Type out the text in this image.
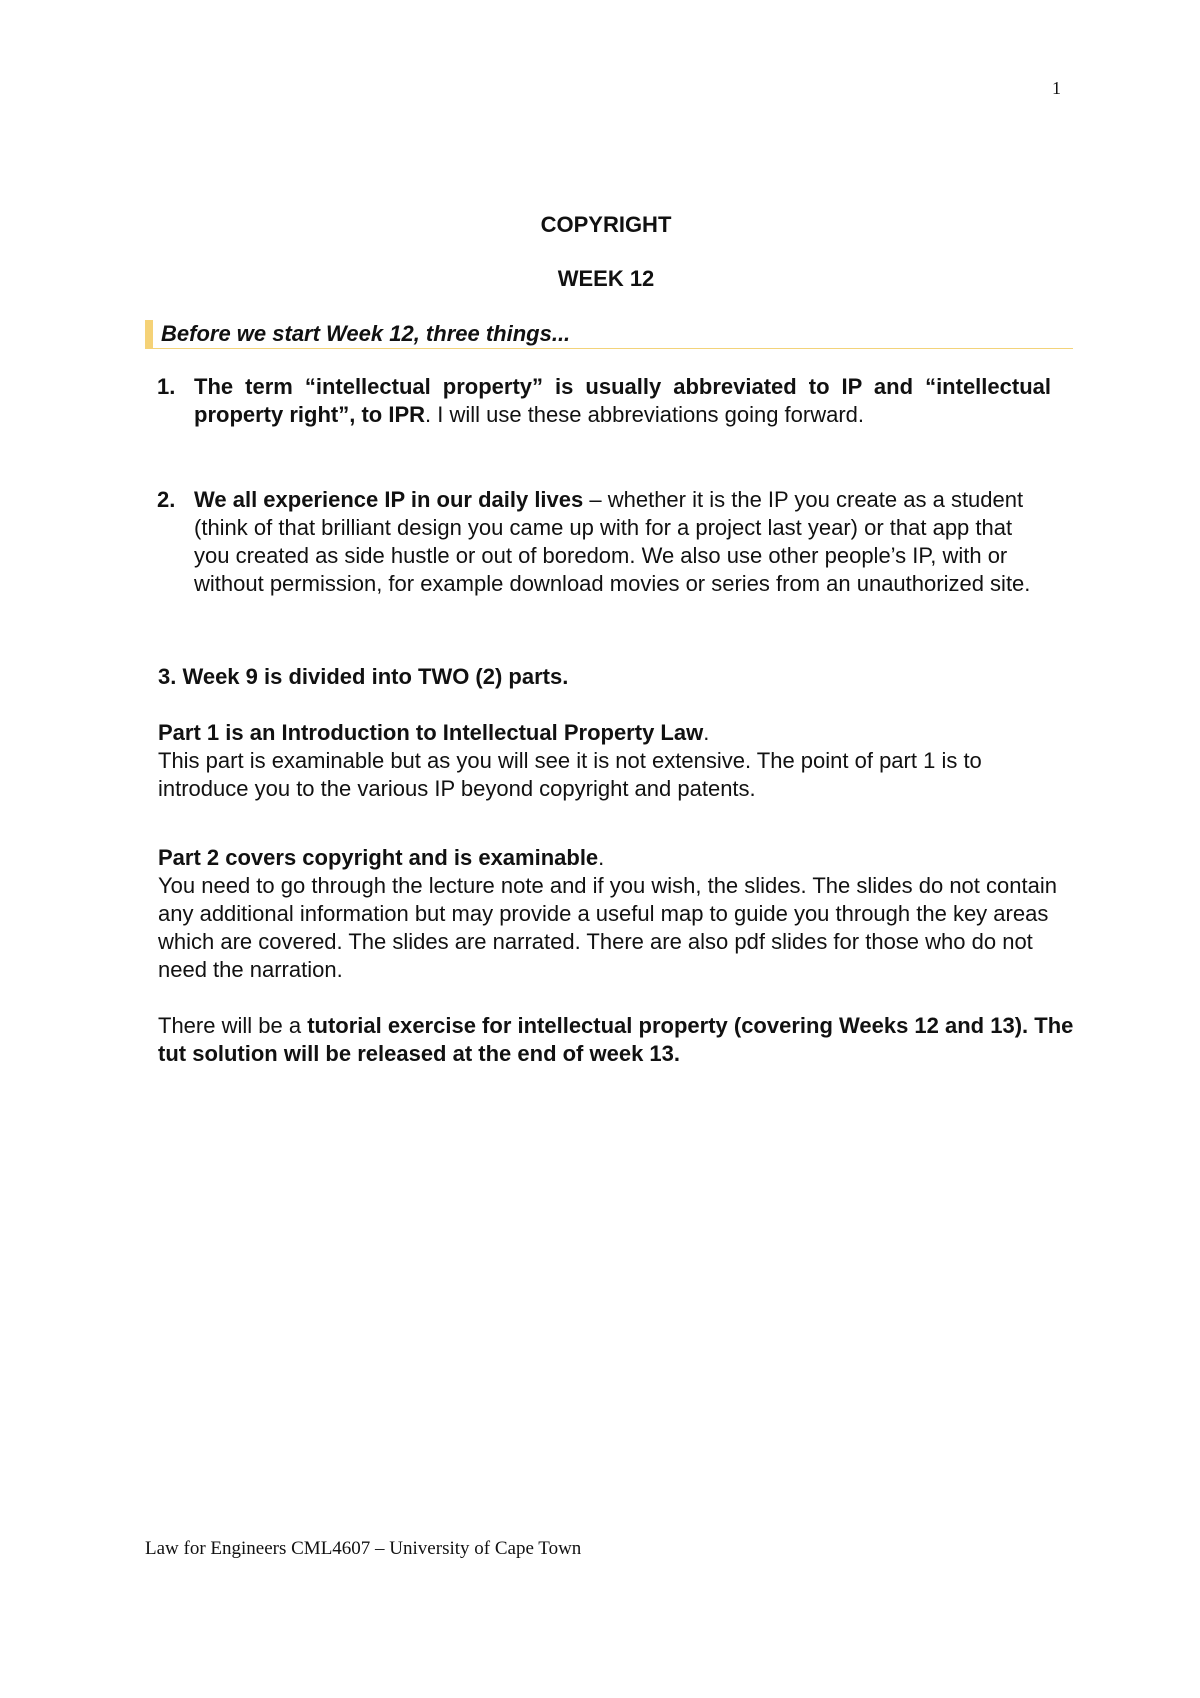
1
COPYRIGHT
WEEK 12
Before we start Week 12, three things...
1. The term “intellectual property” is usually abbreviated to IP and “intellectual property right”, to IPR. I will use these abbreviations going forward.
2. We all experience IP in our daily lives – whether it is the IP you create as a student (think of that brilliant design you came up with for a project last year) or that app that you created as side hustle or out of boredom. We also use other people’s IP, with or without permission, for example download movies or series from an unauthorized site.
3. Week 9 is divided into TWO (2) parts.
Part 1 is an Introduction to Intellectual Property Law.
This part is examinable but as you will see it is not extensive. The point of part 1 is to introduce you to the various IP beyond copyright and patents.
Part 2 covers copyright and is examinable.
You need to go through the lecture note and if you wish, the slides. The slides do not contain any additional information but may provide a useful map to guide you through the key areas which are covered. The slides are narrated. There are also pdf slides for those who do not need the narration.
There will be a tutorial exercise for intellectual property (covering Weeks 12 and 13). The tut solution will be released at the end of week 13.
Law for Engineers CML4607 – University of Cape Town
